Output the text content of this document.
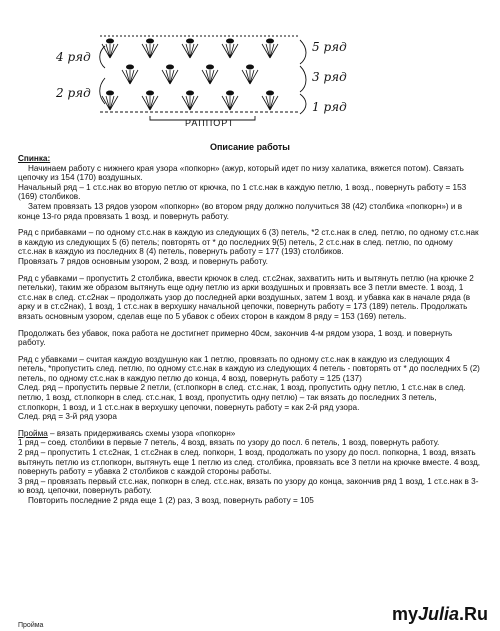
4 ряд
2 ряд
5 ряд
3 ряд
1 ряд
РАППОРТ
Описание работы

Спинка:

Начинаем работу с нижнего края узора «попкорн» (ажур, который идет по низу халатика, вяжется потом). Связать цепочку из 154 (170) воздушных.

Начальный ряд – 1 ст.с.нак во вторую петлю от крючка, по 1 ст.с.нак в каждую петлю, 1 возд., повернуть работу = 153 (169) столбиков.

Затем провязать 13 рядов узором «попкорн» (во втором ряду должно получиться 38 (42) столбика «попкорн») и в конце 13-го ряда провязать 1 возд. и повернуть работу.

Ряд с прибавками – по одному ст.с.нак в каждую из следующих 6 (3) петель, *2 ст.с.нак в след. петлю, по одному ст.с.нак в каждую из следующих 5 (6) петель; повторять от * до последних 9(5) петель, 2 ст.с.нак в след. петлю, по одному ст.с.нак в каждую из последних 8 (4) петель, повернуть работу = 177 (193) столбиков.

Провязать 7 рядов основным узором, 2 возд. и повернуть работу.

Ряд с убавками – пропустить 2 столбика, ввести крючок в след. ст.с2нак, захватить нить и вытянуть петлю (на крючке 2 петельки), таким же образом вытянуть еще одну петлю из арки воздушных и провязать все 3 петли вместе. 1 возд, 1 ст.с.нак в след. ст.с2нак – продолжать узор до последней арки воздушных, затем 1 возд. и убавка как в начале ряда (в арку и в ст.с2нак), 1 возд, 1 ст.с.нак в верхушку начальной цепочки, повернуть работу = 173 (189) петель. Продолжать вязать основным узором, сделав еще по 5 убавок с обеих сторон в каждом 8 ряду = 153 (169) петель.

Продолжать без убавок, пока работа не достигнет примерно 40см, закончив 4-м рядом узора, 1 возд. и повернуть работу.

Ряд с убавками – считая каждую воздушную как 1 петлю, провязать по одному ст.с.нак в каждую из следующих 4 петель, *пропустить след. петлю, по одному ст.с.нак в каждую из следующих 4 петель - повторять от * до последних 5 (2) петель, по одному ст.с.нак в каждую петлю до конца, 4 возд, повернуть работу = 125 (137)

След. ряд – пропустить первые 2 петли, (ст.попкорн в след. ст.с.нак, 1 возд, пропустить одну петлю, 1 ст.с.нак в след. петлю, 1 возд, ст.попкорн в след. ст.с.нак, 1 возд, пропустить одну петлю) – так вязать до последних 3 петель, ст.попкорн, 1 возд, и 1 ст.с.нак в верхушку цепочки, повернуть работу = как 2-й ряд узора.

След. ряд = 3-й ряд узора

Пройма – вязать придерживаясь схемы узора «попкорн»

1 ряд – соед. столбики в первые 7 петель, 4 возд, вязать по узору до посл. 6 петель, 1 возд, повернуть работу.

2 ряд – пропустить 1 ст.с2нак, 1 ст.с2нак в след. попкорн, 1 возд, продолжать по узору до посл. попкорна, 1 возд, вязать вытянуть петлю из ст.попкорн, вытянуть еще 1 петлю из след. столбика, провязать все 3 петли на крючке вместе. 4 возд, повернуть работу = убавка 2 столбиков с каждой стороны работы.

3 ряд – провязать первый ст.с.нак, попкорн в след. ст.с.нак, вязать по узору до конца, закончив ряд 1 возд, 1 ст.с.нак в 3-ю возд. цепочки, повернуть работу.

Повторить последние 2 ряда еще 1 (2) раз, 3 возд, повернуть работу = 105

Пройма
myJulia.Ru
